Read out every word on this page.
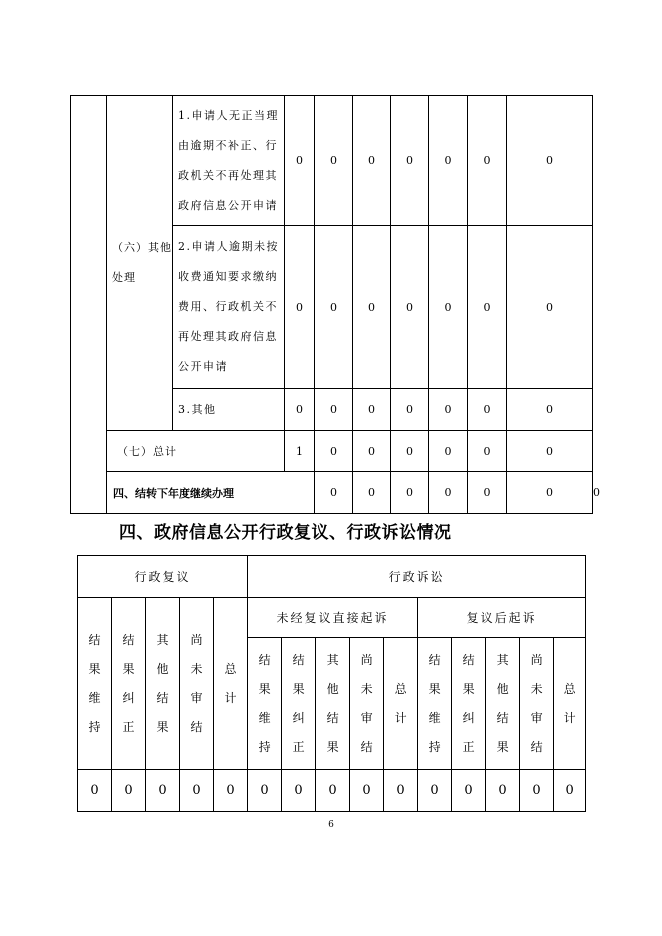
	（六）其他处理	1.申请人无正当理由逾期不补正、行政机关不再处理其政府信息公开申请	0	0	0	0	0	0	0	
		2.申请人逾期未按收费通知要求缴纳费用、行政机关不再处理其政府信息公开申请	0	0	0	0	0	0	0	
		3.其他	0	0	0	0	0	0	0	
	（七）总计		1	0	0	0	0	0	0	
	四、结转下年度继续办理			0	0	0	0	0	0	0
四、政府信息公开行政复议、行政诉讼情况
行政复议					行政诉讼									
结果维持	结果纠正	其他结果	尚未审结	总计	未经复议直接起诉					复议后起诉				
					结果维持	结果纠正	其他结果	尚未审结	总计	结果维持	结果纠正	其他结果	尚未审结	总计
0	0	0	0	0	0	0	0	0	0	0	0	0	0	0
6
